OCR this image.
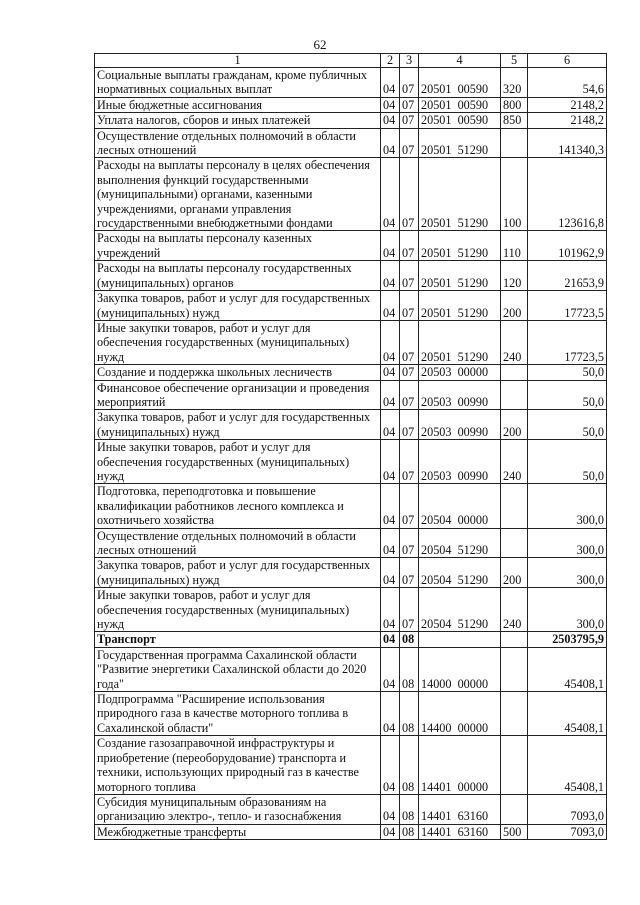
62
1	2	3	4	5	6
Социальные выплаты гражданам, кроме публичных нормативных социальных выплат	04	07	20501  00590	320	54,6
Иные бюджетные ассигнования	04	07	20501  00590	800	2148,2
Уплата налогов, сборов и иных платежей	04	07	20501  00590	850	2148,2
Осуществление отдельных полномочий в области лесных отношений	04	07	20501  51290		141340,3
Расходы на выплаты персоналу в целях обеспечения выполнения функций государственными (муниципальными) органами, казенными учреждениями, органами управления государственными внебюджетными фондами	04	07	20501  51290	100	123616,8
Расходы на выплаты персоналу казенных учреждений	04	07	20501  51290	110	101962,9
Расходы на выплаты персоналу государственных (муниципальных) органов	04	07	20501  51290	120	21653,9
Закупка товаров, работ и услуг для государственных (муниципальных) нужд	04	07	20501  51290	200	17723,5
Иные закупки товаров, работ и услуг для обеспечения государственных (муниципальных) нужд	04	07	20501  51290	240	17723,5
Создание и поддержка школьных лесничеств	04	07	20503  00000		50,0
Финансовое обеспечение организации и проведения мероприятий	04	07	20503  00990		50,0
Закупка товаров, работ и услуг для государственных (муниципальных) нужд	04	07	20503  00990	200	50,0
Иные закупки товаров, работ и услуг для обеспечения государственных (муниципальных) нужд	04	07	20503  00990	240	50,0
Подготовка, переподготовка и повышение квалификации работников лесного комплекса и охотничьего хозяйства	04	07	20504  00000		300,0
Осуществление отдельных полномочий в области лесных отношений	04	07	20504  51290		300,0
Закупка товаров, работ и услуг для государственных (муниципальных) нужд	04	07	20504  51290	200	300,0
Иные закупки товаров, работ и услуг для обеспечения государственных (муниципальных) нужд	04	07	20504  51290	240	300,0
Транспорт	04	08			2503795,9
Государственная программа Сахалинской области "Развитие энергетики Сахалинской области до 2020 года"	04	08	14000  00000		45408,1
Подпрограмма "Расширение использования природного газа в качестве моторного топлива в Сахалинской области"	04	08	14400  00000		45408,1
Создание газозаправочной инфраструктуры и приобретение (переоборудование) транспорта и техники, использующих природный газ в качестве моторного топлива	04	08	14401  00000		45408,1
Субсидия муниципальным образованиям на организацию электро-, тепло- и газоснабжения	04	08	14401  63160		7093,0
Межбюджетные трансферты	04	08	14401  63160	500	7093,0
